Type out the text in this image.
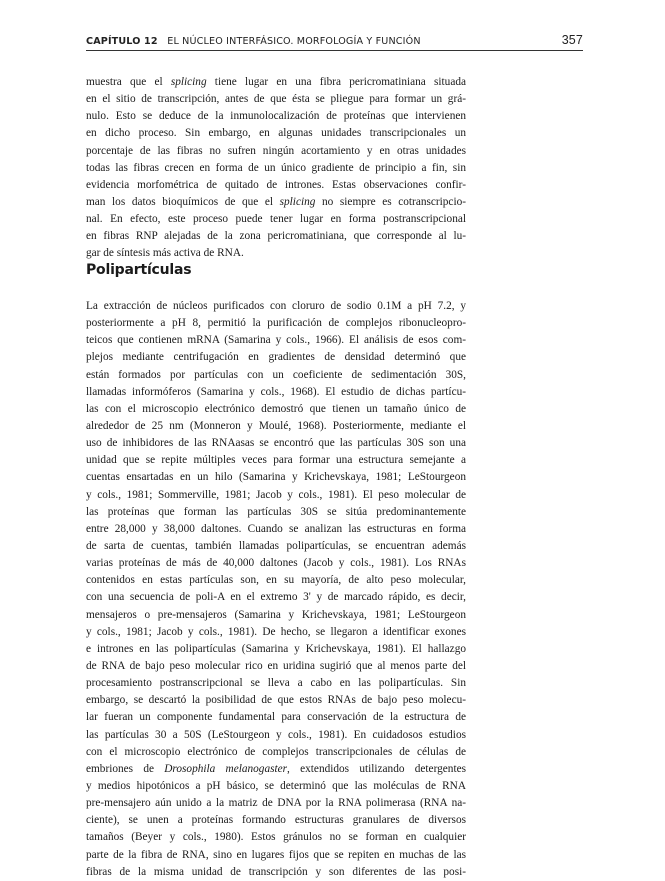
CAPÍTULO 12 EL NÚCLEO INTERFÁSICO. MORFOLOGÍA Y FUNCIÓN	357
muestra que el splicing tiene lugar en una fibra pericromatiniana situada
en el sitio de transcripción, antes de que ésta se pliegue para formar un grá-
nulo. Esto se deduce de la inmunolocalización de proteínas que intervienen
en dicho proceso. Sin embargo, en algunas unidades transcripcionales un
porcentaje de las fibras no sufren ningún acortamiento y en otras unidades
todas las fibras crecen en forma de un único gradiente de principio a fin, sin
evidencia morfométrica de quitado de intrones. Estas observaciones confir-
man los datos bioquímicos de que el splicing no siempre es cotranscripcio-
nal. En efecto, este proceso puede tener lugar en forma postranscripcional
en fibras RNP alejadas de la zona pericromatiniana, que corresponde al lu-
gar de síntesis más activa de RNA.
Polipartículas
La extracción de núcleos purificados con cloruro de sodio 0.1M a pH 7.2, y
posteriormente a pH 8, permitió la purificación de complejos ribonucleopro-
teicos que contienen mRNA (Samarina y cols., 1966). El análisis de esos com-
plejos mediante centrifugación en gradientes de densidad determinó que
están formados por partículas con un coeficiente de sedimentación 30S,
llamadas informóferos (Samarina y cols., 1968). El estudio de dichas partícu-
las con el microscopio electrónico demostró que tienen un tamaño único de
alrededor de 25 nm (Monneron y Moulé, 1968). Posteriormente, mediante el
uso de inhibidores de las RNAasas se encontró que las partículas 30S son una
unidad que se repite múltiples veces para formar una estructura semejante a
cuentas ensartadas en un hilo (Samarina y Krichevskaya, 1981; LeStourgeon
y cols., 1981; Sommerville, 1981; Jacob y cols., 1981). El peso molecular de
las proteínas que forman las partículas 30S se sitúa predominantemente
entre 28,000 y 38,000 daltones. Cuando se analizan las estructuras en forma
de sarta de cuentas, también llamadas polipartículas, se encuentran además
varias proteínas de más de 40,000 daltones (Jacob y cols., 1981). Los RNAs
contenidos en estas partículas son, en su mayoría, de alto peso molecular,
con una secuencia de poli-A en el extremo 3' y de marcado rápido, es decir,
mensajeros o pre-mensajeros (Samarina y Krichevskaya, 1981; LeStourgeon
y cols., 1981; Jacob y cols., 1981). De hecho, se llegaron a identificar exones
e intrones en las polipartículas (Samarina y Krichevskaya, 1981). El hallazgo
de RNA de bajo peso molecular rico en uridina sugirió que al menos parte del
procesamiento postranscripcional se lleva a cabo en las polipartículas. Sin
embargo, se descartó la posibilidad de que estos RNAs de bajo peso molecu-
lar fueran un componente fundamental para conservación de la estructura de
las partículas 30 a 50S (LeStourgeon y cols., 1981). En cuidadosos estudios
con el microscopio electrónico de complejos transcripcionales de células de
embriones de Drosophila melanogaster, extendidos utilizando detergentes
y medios hipotónicos a pH básico, se determinó que las moléculas de RNA
pre-mensajero aún unido a la matriz de DNA por la RNA polimerasa (RNA na-
ciente), se unen a proteínas formando estructuras granulares de diversos
tamaños (Beyer y cols., 1980). Estos gránulos no se forman en cualquier
parte de la fibra de RNA, sino en lugares fijos que se repiten en muchas de las
fibras de la misma unidad de transcripción y son diferentes de las posi-
